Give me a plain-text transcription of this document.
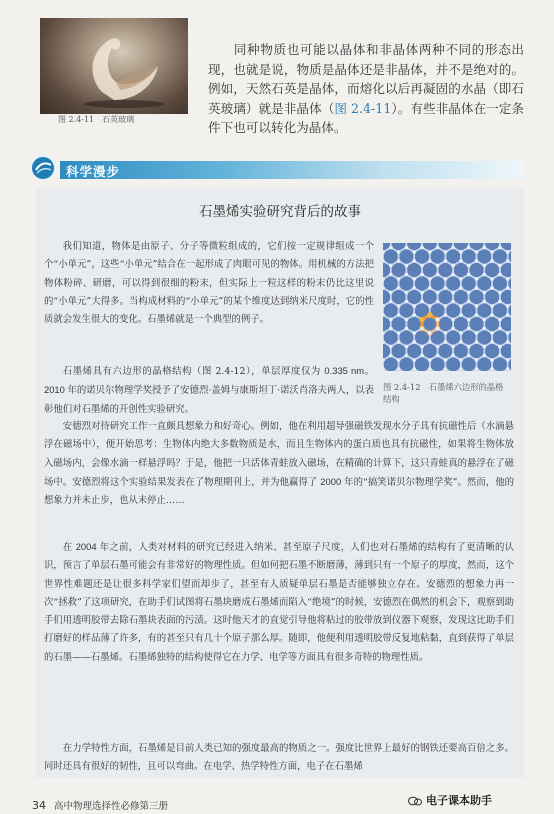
图 2.4-11　石英玻璃
同种物质也可能以晶体和非晶体两种不同的形态出现，也就是说，物质是晶体还是非晶体，并不是绝对的。例如，天然石英是晶体，而熔化以后再凝固的水晶（即石英玻璃）就是非晶体（图 2.4-11）。有些非晶体在一定条件下也可以转化为晶体。
科学漫步
石墨烯实验研究背后的故事
图 2.4-12　石墨烯六边形的晶格结构
我们知道，物体是由原子、分子等微粒组成的，它们按一定规律组成一个个“小单元”，这些“小单元”结合在一起形成了肉眼可见的物体。用机械的方法把物体粉碎、研磨，可以得到很细的粉末，但实际上一粒这样的粉末仍比这里说的“小单元”大得多。当构成材料的“小单元”的某个维度达到纳米尺度时，它的性质就会发生很大的变化。石墨烯就是一个典型的例子。
石墨烯具有六边形的晶格结构（图 2.4-12），单层厚度仅为 0.335 nm。2010 年的诺贝尔物理学奖授予了安德烈·盖姆与康斯坦丁·诺沃肖洛夫两人，以表彰他们对石墨烯的开创性实验研究。
安德烈对待研究工作一直颇具想象力和好奇心。例如，他在利用超导强磁铁发现水分子具有抗磁性后（水滴悬浮在磁场中），便开始思考：生物体内绝大多数物质是水，而且生物体内的蛋白质也具有抗磁性，如果将生物体放入磁场内，会像水滴一样悬浮吗？于是，他把一只活体青蛙放入磁场，在精确的计算下，这只青蛙真的悬浮在了磁场中。安德烈将这个实验结果发表在了物理期刊上，并为他赢得了 2000 年的“搞笑诺贝尔物理学奖”。然而，他的想象力并未止步，也从未停止……
在 2004 年之前，人类对材料的研究已经进入纳米、甚至原子尺度，人们也对石墨烯的结构有了更清晰的认识，预言了单层石墨可能会有非常好的物理性质。但如何把石墨不断磨薄，薄到只有一个原子的厚度，然而，这个世界性难题还是让很多科学家们望而却步了，甚至有人质疑单层石墨是否能够独立存在。安德烈的想象力再一次“拯救”了这项研究，在助手们试图将石墨块磨成石墨烯而陷入“绝境”的时候，安德烈在偶然的机会下，观察到助手们用透明胶带去除石墨块表面的污渍。这时他天才的直觉引导他将粘过的胶带放到仪器下观察，发现这比助手们打磨好的样品薄了许多，有的甚至只有几十个原子那么厚。随即，他便利用透明胶带反复地粘黏，直到获得了单层的石墨——石墨烯。石墨烯独特的结构使得它在力学、电学等方面具有很多奇特的物理性质。
在力学特性方面，石墨烯是目前人类已知的强度最高的物质之一。强度比世界上最好的钢铁还要高百倍之多。同时还具有很好的韧性，且可以弯曲。在电学、热学特性方面，电子在石墨烯
34 高中物理选择性必修第三册	电子课本助手
